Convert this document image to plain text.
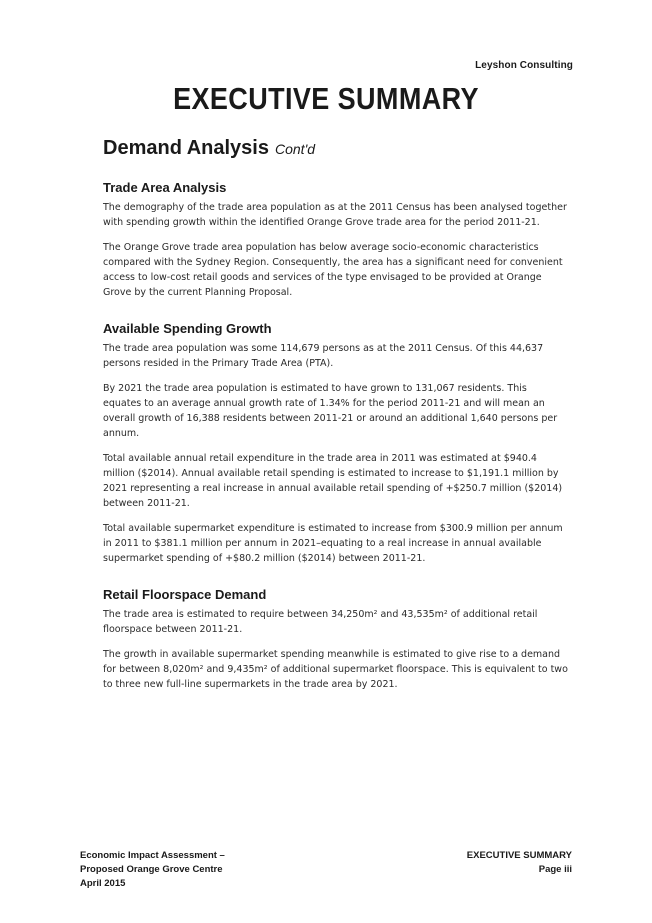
Leyshon Consulting
EXECUTIVE SUMMARY
Demand Analysis Cont'd
Trade Area Analysis

The demography of the trade area population as at the 2011 Census has been analysed together with spending growth within the identified Orange Grove trade area for the period 2011-21.

The Orange Grove trade area population has below average socio-economic characteristics compared with the Sydney Region. Consequently, the area has a significant need for convenient access to low-cost retail goods and services of the type envisaged to be provided at Orange Grove by the current Planning Proposal.

Available Spending Growth

The trade area population was some 114,679 persons as at the 2011 Census. Of this 44,637 persons resided in the Primary Trade Area (PTA).

By 2021 the trade area population is estimated to have grown to 131,067 residents. This equates to an average annual growth rate of 1.34% for the period 2011-21 and will mean an overall growth of 16,388 residents between 2011-21 or around an additional 1,640 persons per annum.

Total available annual retail expenditure in the trade area in 2011 was estimated at $940.4 million ($2014). Annual available retail spending is estimated to increase to $1,191.1 million by 2021 representing a real increase in annual available retail spending of +$250.7 million ($2014) between 2011-21.

Total available supermarket expenditure is estimated to increase from $300.9 million per annum in 2011 to $381.1 million per annum in 2021–equating to a real increase in annual available supermarket spending of +$80.2 million ($2014) between 2011-21.

Retail Floorspace Demand

The trade area is estimated to require between 34,250m² and 43,535m² of additional retail floorspace between 2011-21.

The growth in available supermarket spending meanwhile is estimated to give rise to a demand for between 8,020m² and 9,435m² of additional supermarket floorspace. This is equivalent to two to three new full-line supermarkets in the trade area by 2021.

Economic Impact Assessment –
Proposed Orange Grove Centre
April 2015
EXECUTIVE SUMMARY
Page iii
